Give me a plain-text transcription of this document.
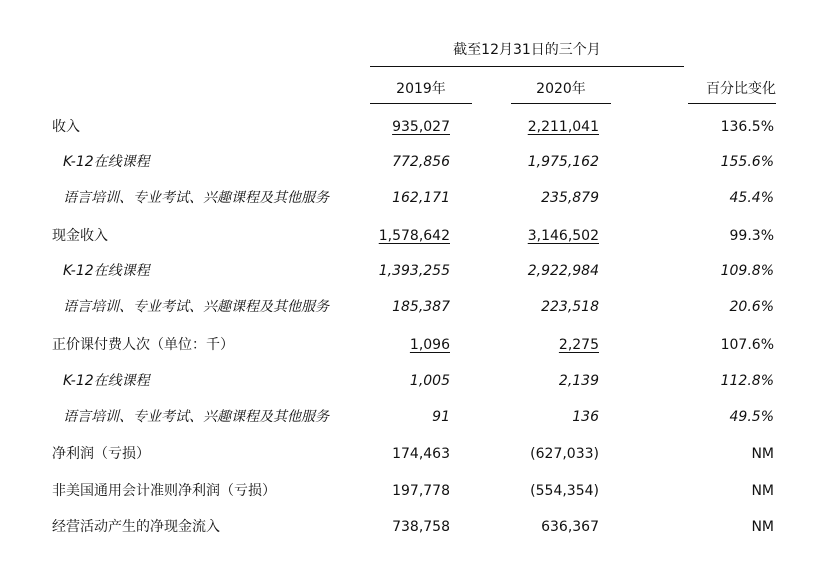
截至12月31日的三个月
2019年	2020年	百分比变化
收入	935,027	2,211,041	136.5%
K-12在线课程	772,856	1,975,162	155.6%
语言培训、专业考试、兴趣课程及其他服务	162,171	235,879	45.4%
现金收入	1,578,642	3,146,502	99.3%
K-12在线课程	1,393,255	2,922,984	109.8%
语言培训、专业考试、兴趣课程及其他服务	185,387	223,518	20.6%
正价课付费人次（单位：千）	1,096	2,275	107.6%
K-12在线课程	1,005	2,139	112.8%
语言培训、专业考试、兴趣课程及其他服务	91	136	49.5%
净利润（亏损）	174,463	(627,033)	NM
非美国通用会计准则净利润（亏损）	197,778	(554,354)	NM
经营活动产生的净现金流入	738,758	636,367	NM
